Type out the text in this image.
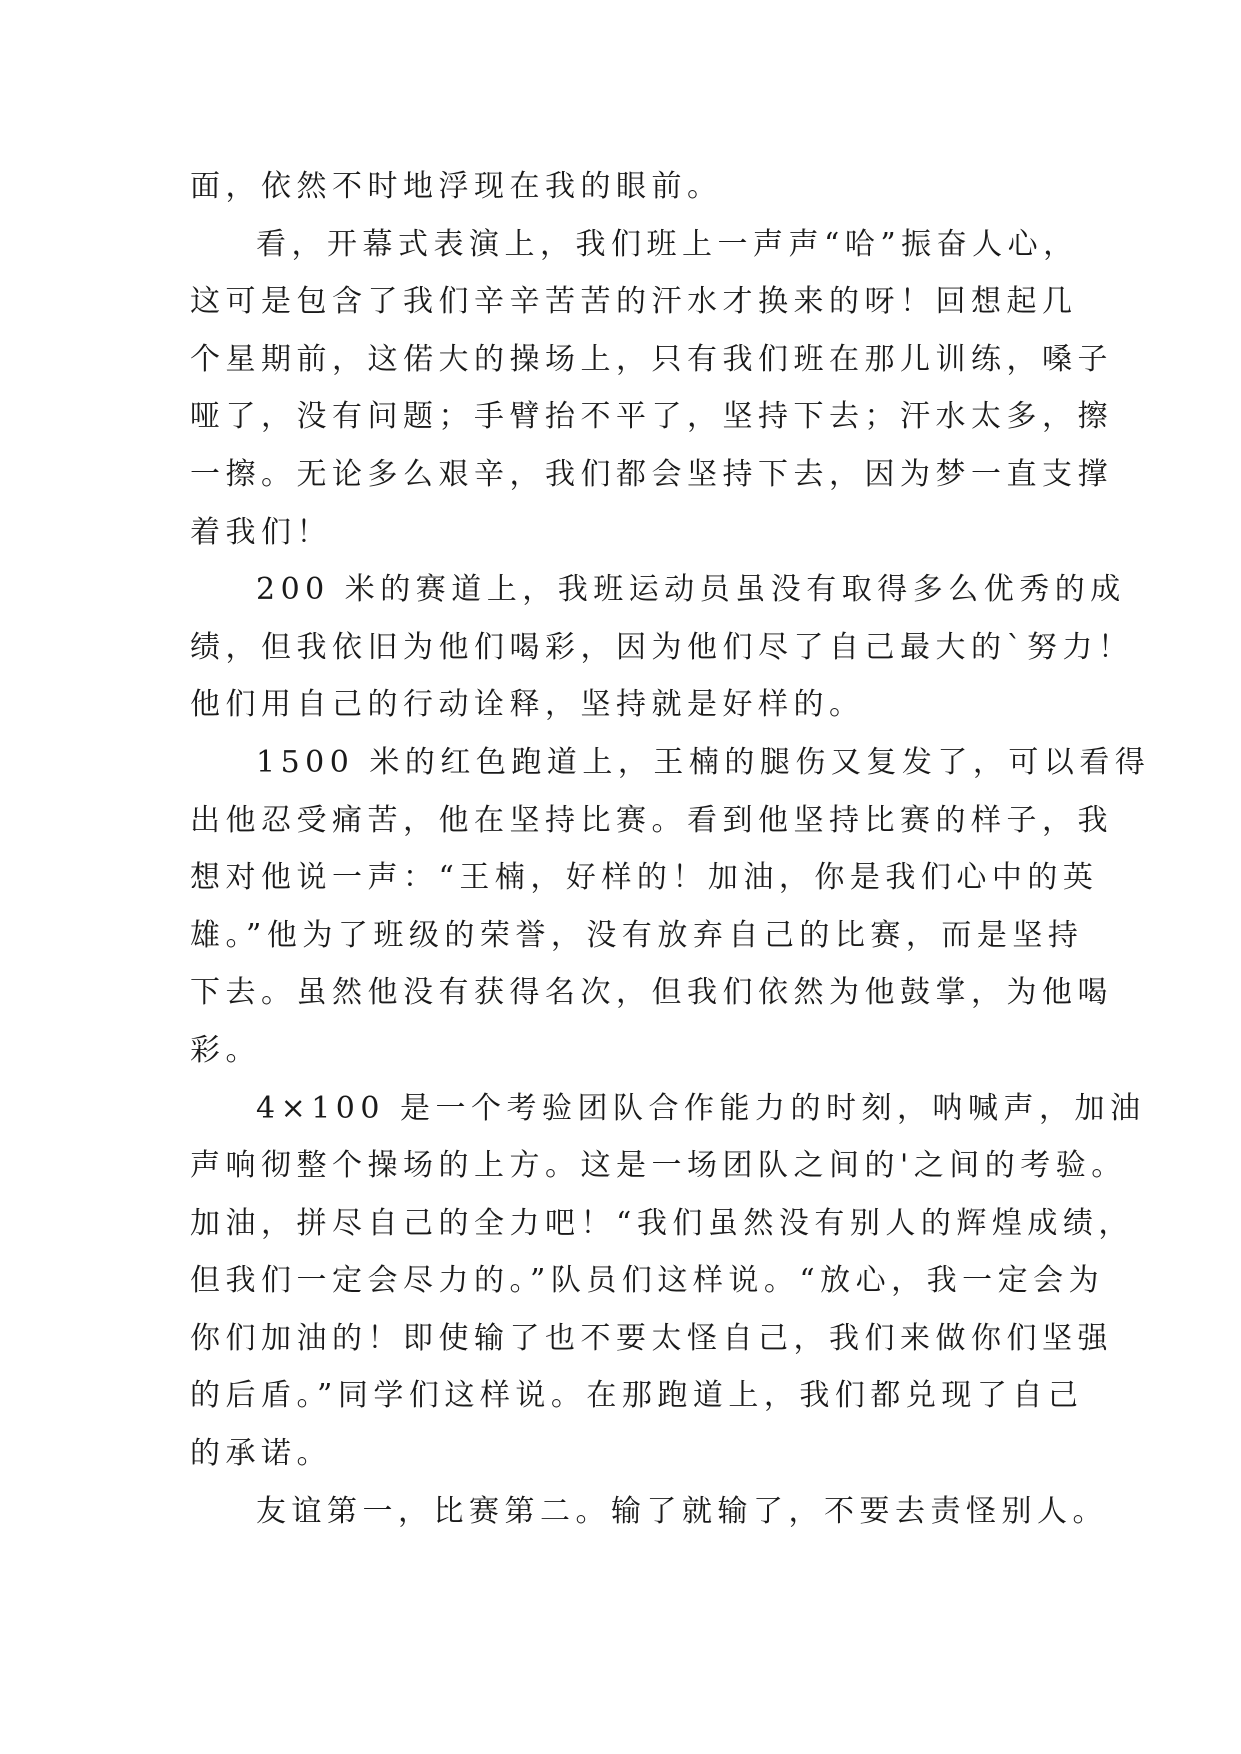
面，依然不时地浮现在我的眼前。
看，开幕式表演上，我们班上一声声“哈”振奋人心，
这可是包含了我们辛辛苦苦的汗水才换来的呀！回想起几
个星期前，这偌大的操场上，只有我们班在那儿训练，嗓子
哑了，没有问题；手臂抬不平了，坚持下去；汗水太多，擦
一擦。无论多么艰辛，我们都会坚持下去，因为梦一直支撑
着我们！
200 米的赛道上，我班运动员虽没有取得多么优秀的成
绩，但我依旧为他们喝彩，因为他们尽了自己最大的`努力！
他们用自己的行动诠释，坚持就是好样的。
1500 米的红色跑道上，王楠的腿伤又复发了，可以看得
出他忍受痛苦，他在坚持比赛。看到他坚持比赛的样子，我
想对他说一声：“王楠，好样的！加油，你是我们心中的英
雄。”他为了班级的荣誉，没有放弃自己的比赛，而是坚持
下去。虽然他没有获得名次，但我们依然为他鼓掌，为他喝
彩。
4×100 是一个考验团队合作能力的时刻，呐喊声，加油
声响彻整个操场的上方。这是一场团队之间的'之间的考验。
加油，拼尽自己的全力吧！“我们虽然没有别人的辉煌成绩，
但我们一定会尽力的。”队员们这样说。“放心，我一定会为
你们加油的！即使输了也不要太怪自己，我们来做你们坚强
的后盾。”同学们这样说。在那跑道上，我们都兑现了自己
的承诺。
友谊第一，比赛第二。输了就输了，不要去责怪别人。
